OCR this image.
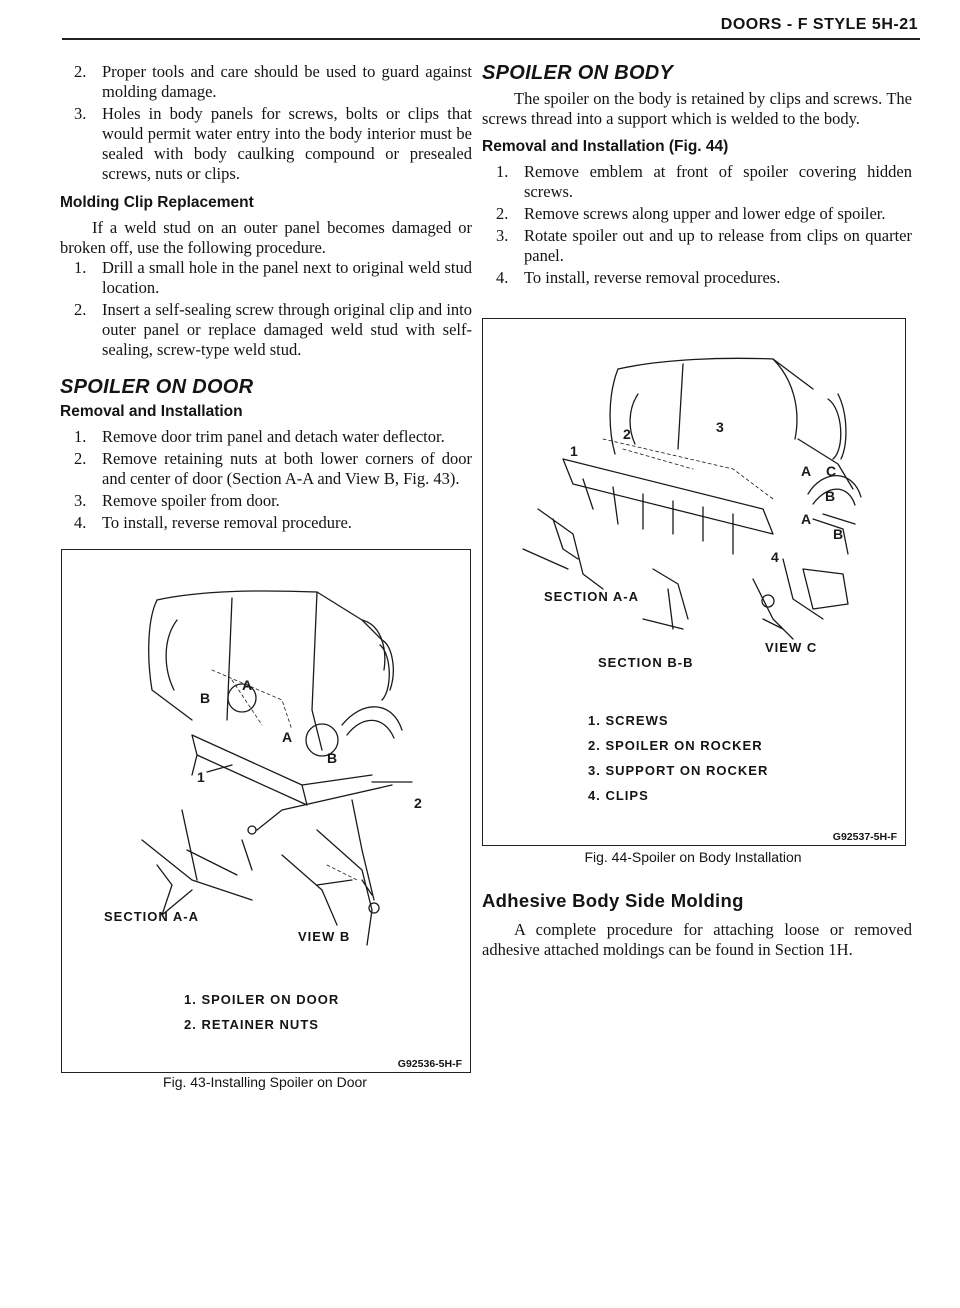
DOORS - F STYLE 5H-21
2. Proper tools and care should be used to guard against molding damage.
3. Holes in body panels for screws, bolts or clips that would permit water entry into the body interior must be sealed with body caulking compound or presealed screws, nuts or clips.
Molding Clip Replacement

If a weld stud on an outer panel becomes damaged or broken off, use the following procedure.

1. Drill a small hole in the panel next to original weld stud location.
2. Insert a self-sealing screw through original clip and into outer panel or replace damaged weld stud with self-sealing, screw-type weld stud.
SPOILER ON DOOR
Removal and Installation
1. Remove door trim panel and detach water deflector.
2. Remove retaining nuts at both lower corners of door and center of door (Section A-A and View B, Fig. 43).
3. Remove spoiler from door.
4. To install, reverse removal procedure.
B
A
A
B
1
2
SECTION A-A
VIEW B
1. SPOILER ON DOOR
2. RETAINER NUTS
G92536-5H-F
Fig. 43-Installing Spoiler on Door
SPOILER ON BODY

The spoiler on the body is retained by clips and screws. The screws thread into a support which is welded to the body.

Removal and Installation (Fig. 44)
1. Remove emblem at front of spoiler covering hidden screws.
2. Remove screws along upper and lower edge of spoiler.
3. Rotate spoiler out and up to release from clips on quarter panel.
4. To install, reverse removal procedures.
1
2	3
4
A C
B
A
B
SECTION A-A
SECTION B-B
VIEW C
1. SCREWS
2. SPOILER ON ROCKER
3. SUPPORT ON ROCKER
4. CLIPS
G92537-5H-F
Fig. 44-Spoiler on Body Installation
Adhesive Body Side Molding

A complete procedure for attaching loose or removed adhesive attached moldings can be found in Section 1H.
